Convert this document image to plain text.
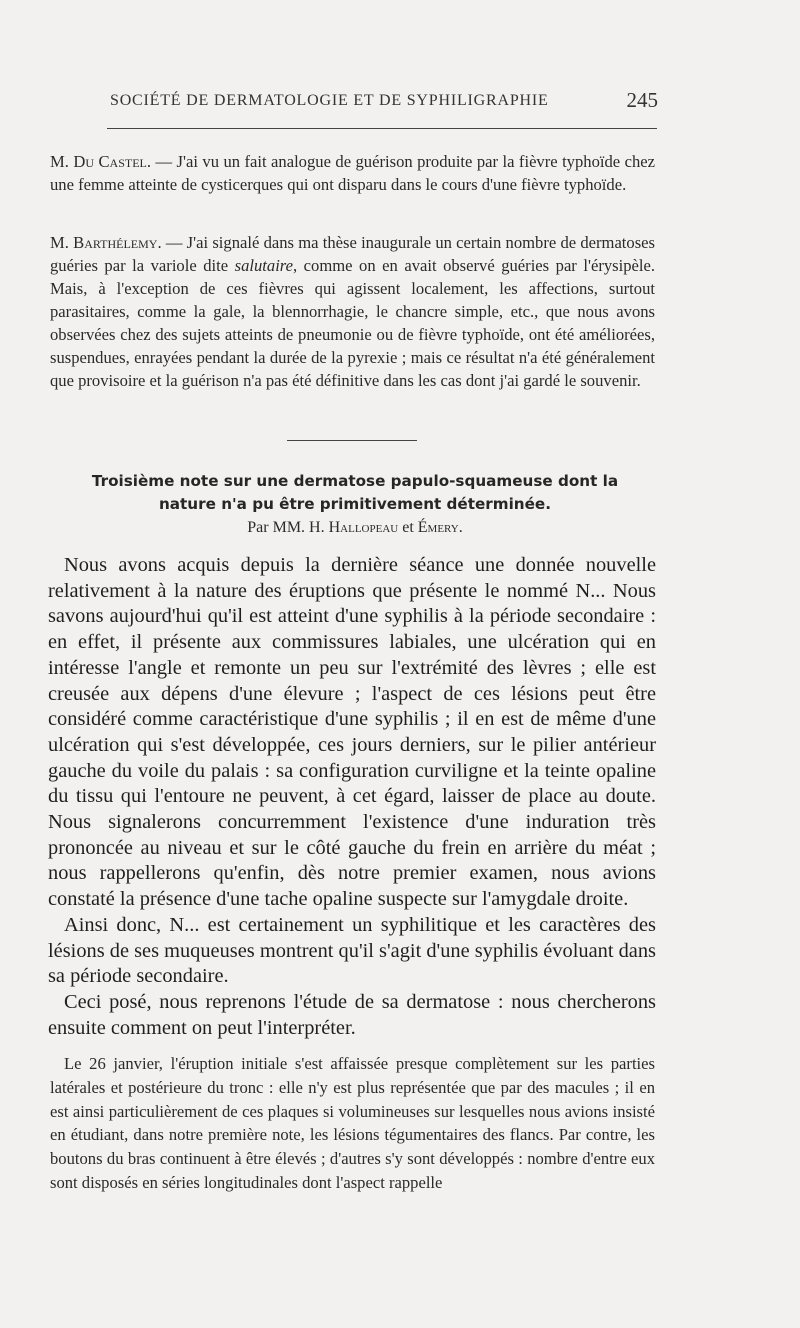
SOCIÉTÉ DE DERMATOLOGIE ET DE SYPHILIGRAPHIE	245

M. Du Castel. — J'ai vu un fait analogue de guérison produite par la fièvre typhoïde chez une femme atteinte de cysticerques qui ont disparu dans le cours d'une fièvre typhoïde.

M. Barthélemy. — J'ai signalé dans ma thèse inaugurale un certain nombre de dermatoses guéries par la variole dite salutaire, comme on en avait observé guéries par l'érysipèle. Mais, à l'exception de ces fièvres qui agissent localement, les affections, surtout parasitaires, comme la gale, la blennorrhagie, le chancre simple, etc., que nous avons observées chez des sujets atteints de pneumonie ou de fièvre typhoïde, ont été améliorées, suspendues, enrayées pendant la durée de la pyrexie ; mais ce résultat n'a été généralement que provisoire et la guérison n'a pas été définitive dans les cas dont j'ai gardé le souvenir.

Troisième note sur une dermatose papulo-squameuse dont la
nature n'a pu être primitivement déterminée.
Par MM. H. Hallopeau et Émery.

Nous avons acquis depuis la dernière séance une donnée nouvelle relativement à la nature des éruptions que présente le nommé N... Nous savons aujourd'hui qu'il est atteint d'une syphilis à la période secondaire : en effet, il présente aux commissures labiales, une ulcération qui en intéresse l'angle et remonte un peu sur l'extrémité des lèvres ; elle est creusée aux dépens d'une élevure ; l'aspect de ces lésions peut être considéré comme caractéristique d'une syphilis ; il en est de même d'une ulcération qui s'est développée, ces jours derniers, sur le pilier antérieur gauche du voile du palais : sa configuration curviligne et la teinte opaline du tissu qui l'entoure ne peuvent, à cet égard, laisser de place au doute. Nous signalerons concurremment l'existence d'une induration très prononcée au niveau et sur le côté gauche du frein en arrière du méat ; nous rappellerons qu'enfin, dès notre premier examen, nous avions constaté la présence d'une tache opaline suspecte sur l'amygdale droite.

Ainsi donc, N... est certainement un syphilitique et les caractères des lésions de ses muqueuses montrent qu'il s'agit d'une syphilis évoluant dans sa période secondaire.

Ceci posé, nous reprenons l'étude de sa dermatose : nous chercherons ensuite comment on peut l'interpréter.

Le 26 janvier, l'éruption initiale s'est affaissée presque complètement sur les parties latérales et postérieure du tronc : elle n'y est plus représentée que par des macules ; il en est ainsi particulièrement de ces plaques si volumineuses sur lesquelles nous avions insisté en étudiant, dans notre première note, les lésions tégumentaires des flancs. Par contre, les boutons du bras continuent à être élevés ; d'autres s'y sont développés : nombre d'entre eux sont disposés en séries longitudinales dont l'aspect rappelle
